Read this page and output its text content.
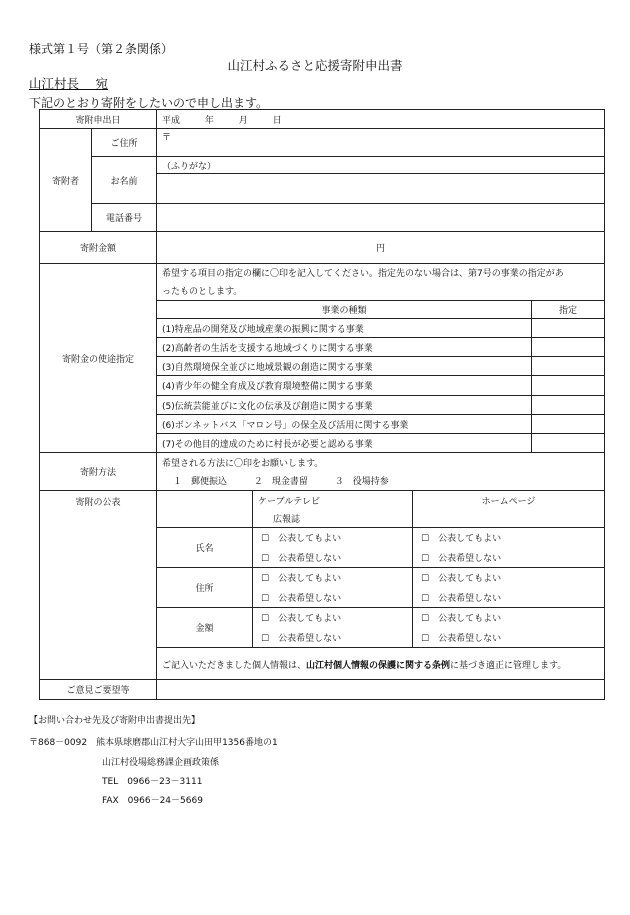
様式第１号（第２条関係）
山江村ふるさと応援寄附申出書
山江村長　 宛
下記のとおり寄附をしたいので申し出ます。
寄附申出日		平成 年 月 日			
寄附者	ご住所	〒			
	お名前	（ふりがな）			

	電話番号				
寄附金額		円			
寄附金の使途指定		希望する項目の指定の欄に〇印を記入してください。指定先のない場合は、第7号の事業の指定があ			
		ったものとします。			
		事業の種類			指定
		(1)特産品の開発及び地域産業の振興に関する事業			
		(2)高齢者の生活を支援する地域づくりに関する事業			
		(3)自然環境保全並びに地域景観の創造に関する事業			
		(4)青少年の健全育成及び教育環境整備に関する事業			
		(5)伝統芸能並びに文化の伝承及び創造に関する事業			
		(6)ボンネットバス「マロン号」の保全及び活用に関する事業			
		(7)その他目的達成のために村長が必要と認める事業			
寄附方法		希望される方法に〇印をお願いします。			
		１　郵便振込 ２　現金書留 ３　役場持参			
寄附の公表			ケーブルテレビ	ホームページ	
			広報誌		
		氏名	☐　公表してもよい	☐　公表してもよい	
			☐　公表希望しない	☐　公表希望しない	
		住所	☐　公表してもよい	☐　公表してもよい	
			☐　公表希望しない	☐　公表希望しない	
		金額	☐　公表してもよい	☐　公表してもよい	
			☐　公表希望しない	☐　公表希望しない	

		ご記入いただきました個人情報は、山江村個人情報の保護に関する条例に基づき適正に管理します。			
ご意見ご要望等					
【お問い合わせ先及び寄附申出書提出先】
〒868－0092　熊本県球磨郡山江村大字山田甲1356番地の1
山江村役場総務課企画政策係
TEL　0966－23－3111
FAX　0966－24－5669
